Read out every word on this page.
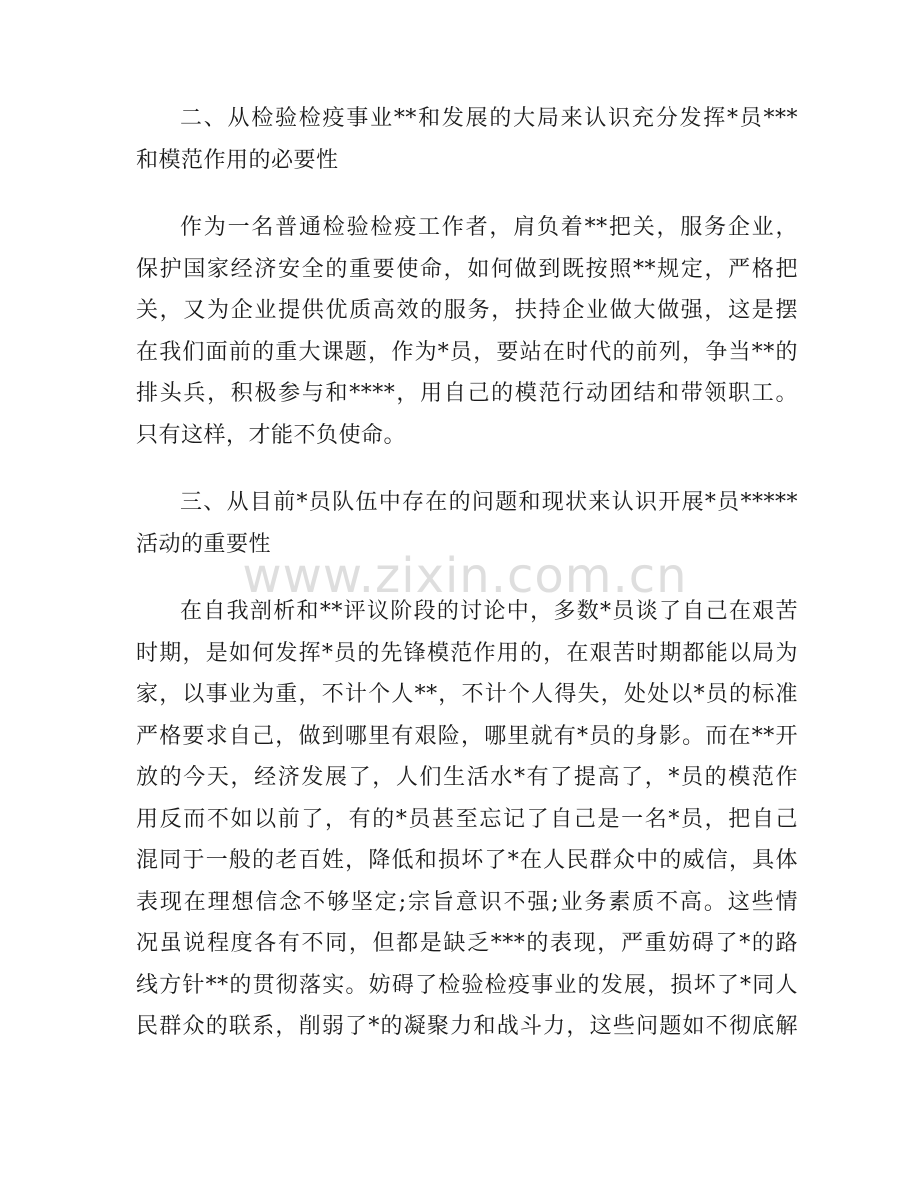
二、从检验检疫事业**和发展的大局来认识充分发挥*员***
和模范作用的必要性
作为一名普通检验检疫工作者，肩负着**把关，服务企业，
保护国家经济安全的重要使命，如何做到既按照**规定，严格把
关，又为企业提供优质高效的服务，扶持企业做大做强，这是摆
在我们面前的重大课题，作为*员，要站在时代的前列，争当**的
排头兵，积极参与和****，用自己的模范行动团结和带领职工。
只有这样，才能不负使命。
三、从目前*员队伍中存在的问题和现状来认识开展*员*****
活动的重要性
在自我剖析和**评议阶段的讨论中，多数*员谈了自己在艰苦
时期，是如何发挥*员的先锋模范作用的，在艰苦时期都能以局为
家，以事业为重，不计个人**，不计个人得失，处处以*员的标准
严格要求自己，做到哪里有艰险，哪里就有*员的身影。而在**开
放的今天，经济发展了，人们生活水*有了提高了，*员的模范作
用反而不如以前了，有的*员甚至忘记了自己是一名*员，把自己
混同于一般的老百姓，降低和损坏了*在人民群众中的威信，具体
表现在理想信念不够坚定;宗旨意识不强;业务素质不高。这些情
况虽说程度各有不同，但都是缺乏***的表现，严重妨碍了*的路
线方针**的贯彻落实。妨碍了检验检疫事业的发展，损坏了*同人
民群众的联系，削弱了*的凝聚力和战斗力，这些问题如不彻底解
www.zixin.com.cn
